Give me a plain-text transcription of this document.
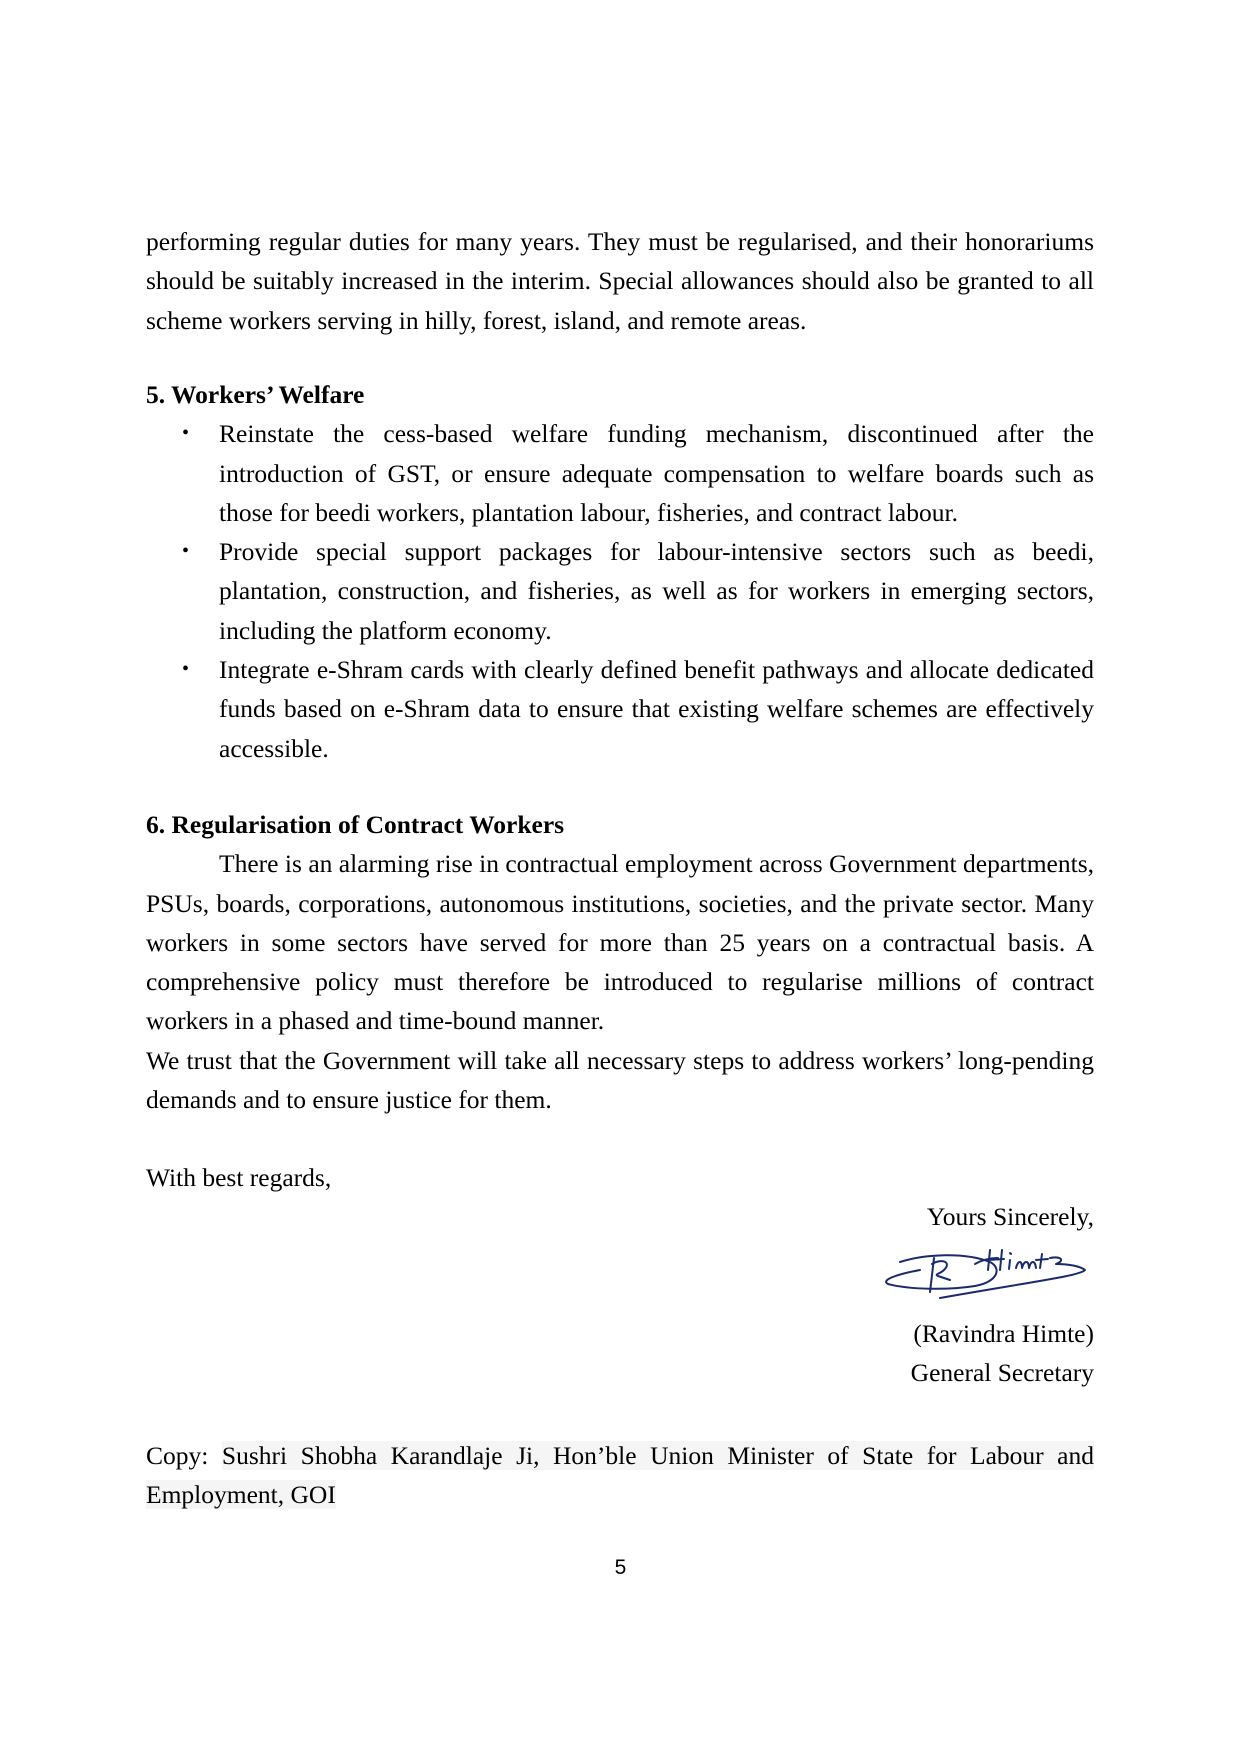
performing regular duties for many years. They must be regularised, and their honorariums should be suitably increased in the interim. Special allowances should also be granted to all scheme workers serving in hilly, forest, island, and remote areas.

5. Workers’ Welfare

• Reinstate the cess-based welfare funding mechanism, discontinued after the introduction of GST, or ensure adequate compensation to welfare boards such as those for beedi workers, plantation labour, fisheries, and contract labour.
• Provide special support packages for labour-intensive sectors such as beedi, plantation, construction, and fisheries, as well as for workers in emerging sectors, including the platform economy.
• Integrate e-Shram cards with clearly defined benefit pathways and allocate dedicated funds based on e-Shram data to ensure that existing welfare schemes are effectively accessible.

6. Regularisation of Contract Workers

There is an alarming rise in contractual employment across Government departments, PSUs, boards, corporations, autonomous institutions, societies, and the private sector. Many workers in some sectors have served for more than 25 years on a contractual basis. A comprehensive policy must therefore be introduced to regularise millions of contract workers in a phased and time-bound manner.

We trust that the Government will take all necessary steps to address workers’ long-pending demands and to ensure justice for them.

With best regards,

Yours Sincerely,

(Ravindra Himte)

General Secretary

Copy: Sushri Shobha Karandlaje Ji, Hon’ble Union Minister of State for Labour and

Employment, GOI

5
